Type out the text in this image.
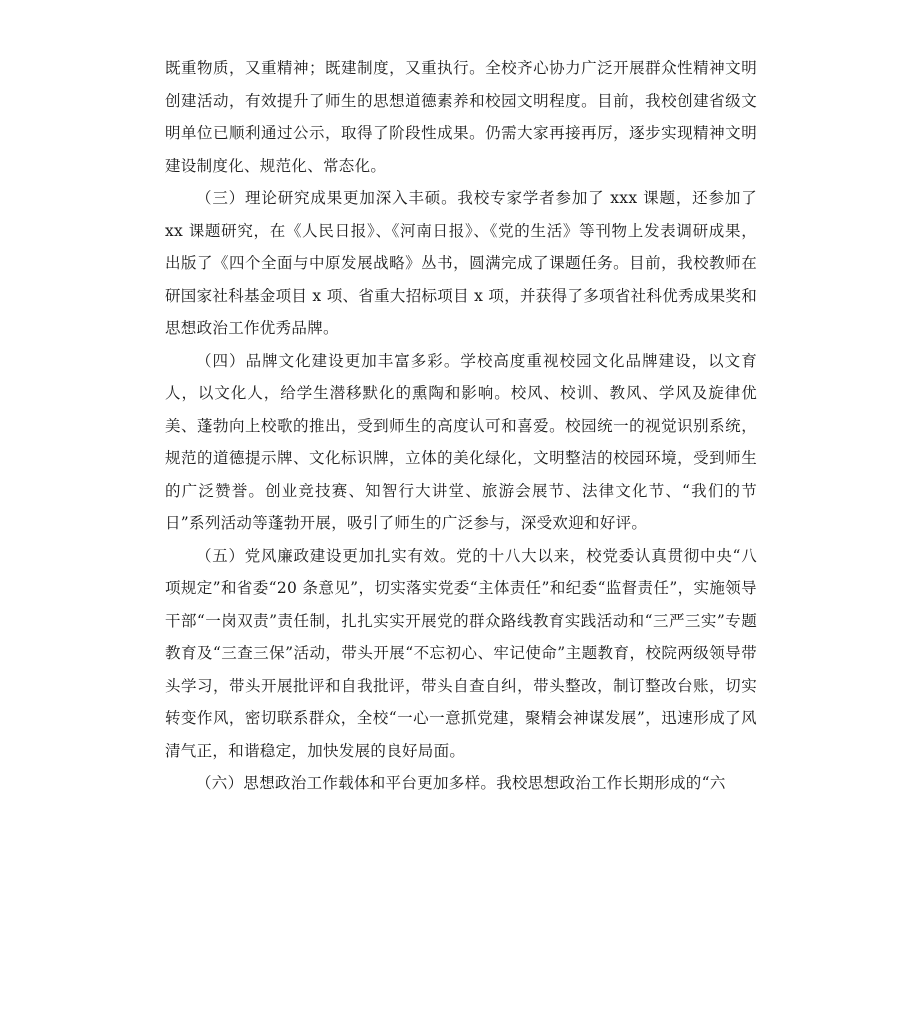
既重物质，又重精神；既建制度，又重执行。全校齐心协力广泛开展群众性精神文明创建活动，有效提升了师生的思想道德素养和校园文明程度。目前，我校创建省级文明单位已顺利通过公示，取得了阶段性成果。仍需大家再接再厉，逐步实现精神文明建设制度化、规范化、常态化。

（三）理论研究成果更加深入丰硕。我校专家学者参加了 xxx 课题，还参加了 xx 课题研究，在《人民日报》、《河南日报》、《党的生活》等刊物上发表调研成果，出版了《四个全面与中原发展战略》丛书，圆满完成了课题任务。目前，我校教师在研国家社科基金项目 x 项、省重大招标项目 x 项，并获得了多项省社科优秀成果奖和思想政治工作优秀品牌。

（四）品牌文化建设更加丰富多彩。学校高度重视校园文化品牌建设，以文育人，以文化人，给学生潜移默化的熏陶和影响。校风、校训、教风、学风及旋律优美、蓬勃向上校歌的推出，受到师生的高度认可和喜爱。校园统一的视觉识别系统，规范的道德提示牌、文化标识牌，立体的美化绿化，文明整洁的校园环境，受到师生的广泛赞誉。创业竞技赛、知智行大讲堂、旅游会展节、法律文化节、“我们的节日”系列活动等蓬勃开展，吸引了师生的广泛参与，深受欢迎和好评。

（五）党风廉政建设更加扎实有效。党的十八大以来，校党委认真贯彻中央“八项规定”和省委“20 条意见”，切实落实党委“主体责任”和纪委“监督责任”，实施领导干部“一岗双责”责任制，扎扎实实开展党的群众路线教育实践活动和“三严三实”专题教育及“三查三保”活动，带头开展“不忘初心、牢记使命”主题教育，校院两级领导带头学习，带头开展批评和自我批评，带头自查自纠，带头整改，制订整改台账，切实转变作风，密切联系群众，全校“一心一意抓党建，聚精会神谋发展”，迅速形成了风清气正，和谐稳定，加快发展的良好局面。

（六）思想政治工作载体和平台更加多样。我校思想政治工作长期形成的“六
